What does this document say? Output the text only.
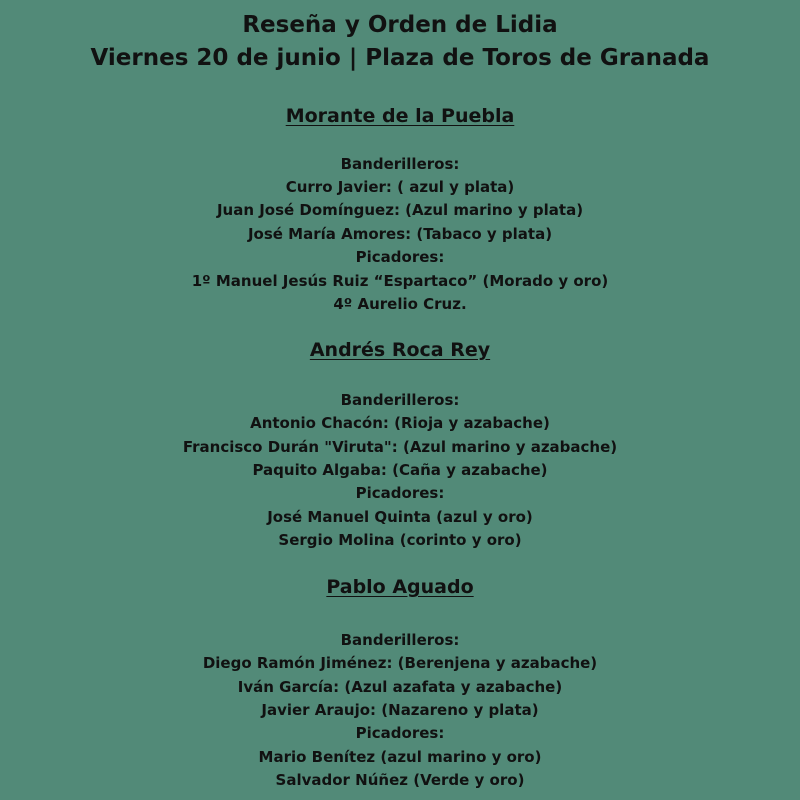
Reseña y Orden de Lidia
Viernes 20 de junio | Plaza de Toros de Granada
Morante de la Puebla

Banderilleros:

Curro Javier: ( azul y plata)

Juan José Domínguez: (Azul marino y plata)

José María Amores: (Tabaco y plata)

Picadores:

1º Manuel Jesús Ruiz “Espartaco” (Morado y oro)

4º Aurelio Cruz.

Andrés Roca Rey

Banderilleros:

Antonio Chacón: (Rioja y azabache)

Francisco Durán "Viruta": (Azul marino y azabache)

Paquito Algaba: (Caña y azabache)

Picadores:

José Manuel Quinta (azul y oro)

Sergio Molina (corinto y oro)

Pablo Aguado

Banderilleros:

Diego Ramón Jiménez: (Berenjena y azabache)

Iván García: (Azul azafata y azabache)

Javier Araujo: (Nazareno y plata)

Picadores:

Mario Benítez (azul marino y oro)

Salvador Núñez (Verde y oro)
